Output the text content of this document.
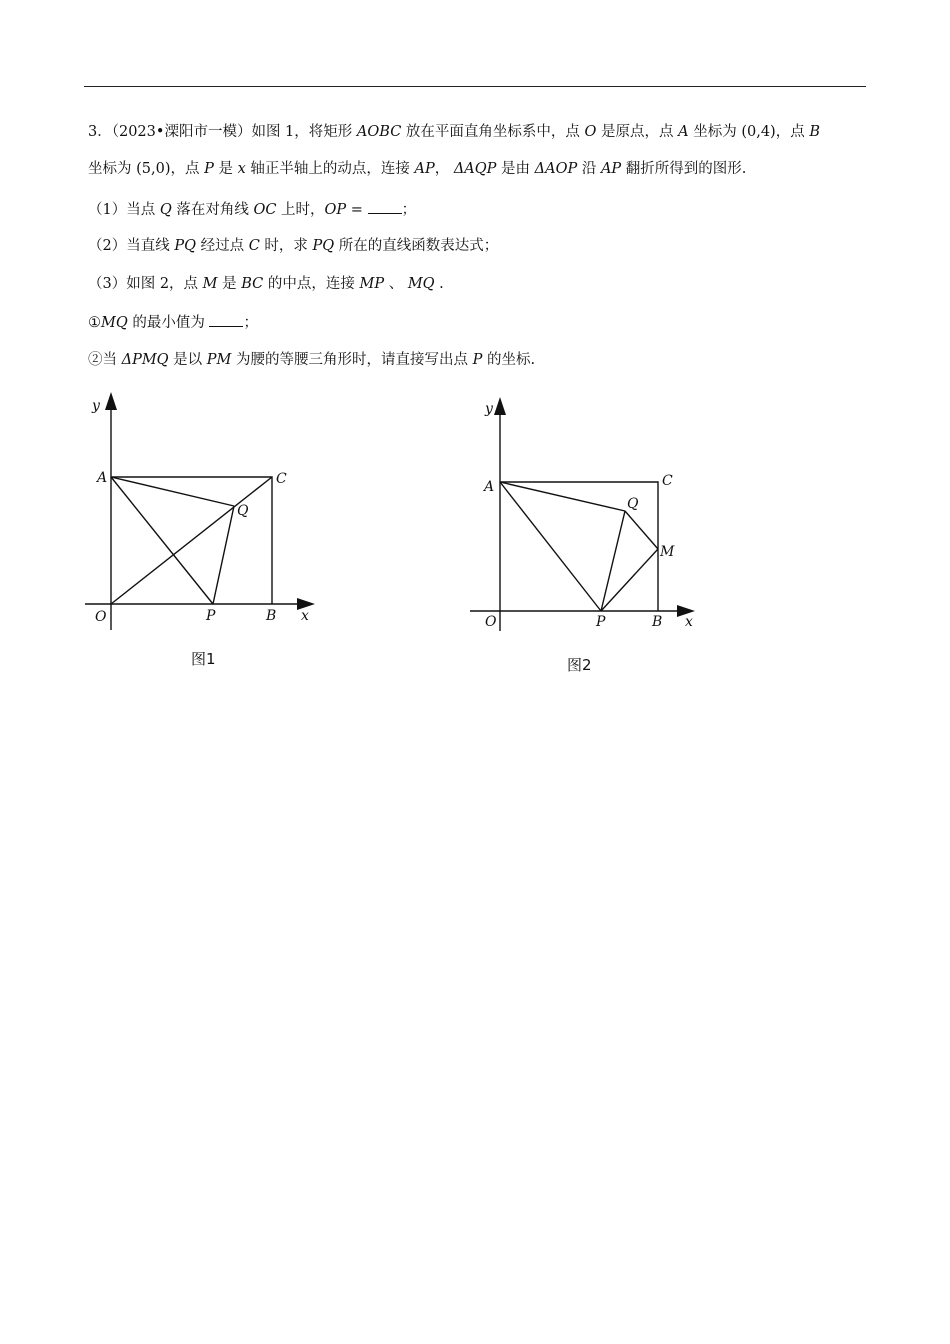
3．（2023•溧阳市一模）如图 1，将矩形 AOBC 放在平面直角坐标系中，点 O 是原点，点 A 坐标为 (0,4)，点 B
坐标为 (5,0)，点 P 是 x 轴正半轴上的动点，连接 AP， ΔAQP 是由 ΔAOP 沿 AP 翻折所得到的图形.
（1）当点 Q 落在对角线 OC 上时，OP = ；
（2）当直线 PQ 经过点 C 时，求 PQ 所在的直线函数表达式；
（3）如图 2，点 M 是 BC 的中点，连接 MP 、 MQ .
①MQ 的最小值为 ；
②当 ΔPMQ 是以 PM 为腰的等腰三角形时，请直接写出点 P 的坐标.
y
A	C
Q
O	P	B x
图1
y
A	C
Q
M
O	P	B x
图2
